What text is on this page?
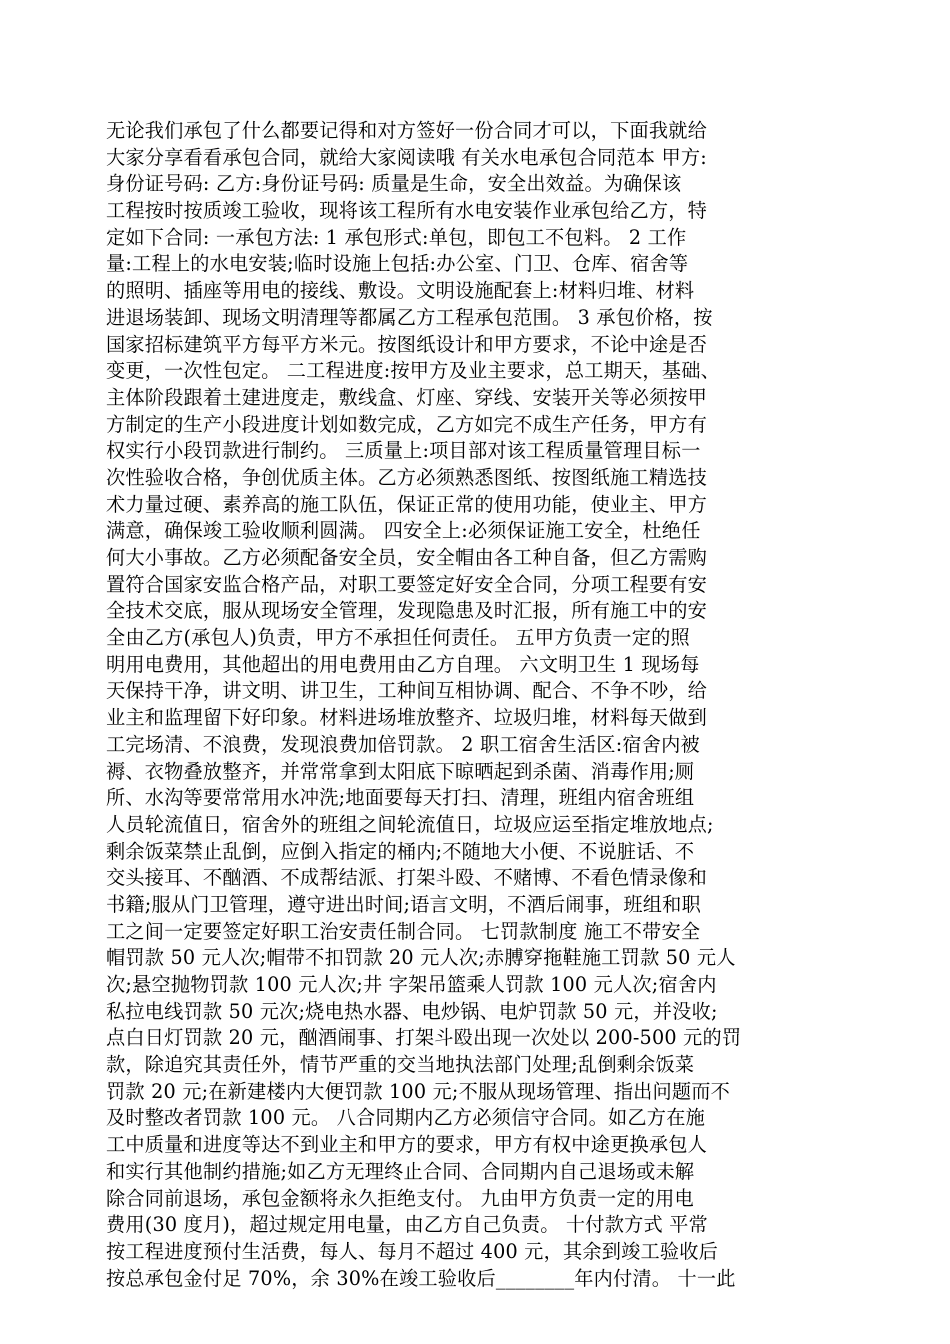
无论我们承包了什么都要记得和对方签好一份合同才可以，下面我就给
大家分享看看承包合同，就给大家阅读哦 有关水电承包合同范本 甲方:
身份证号码: 乙方:身份证号码: 质量是生命，安全出效益。为确保该
工程按时按质竣工验收，现将该工程所有水电安装作业承包给乙方，特
定如下合同: 一承包方法: 1 承包形式:单包，即包工不包料。 2 工作
量:工程上的水电安装;临时设施上包括:办公室、门卫、仓库、宿舍等
的照明、插座等用电的接线、敷设。文明设施配套上:材料归堆、材料
进退场装卸、现场文明清理等都属乙方工程承包范围。 3 承包价格，按
国家招标建筑平方每平方米元。按图纸设计和甲方要求，不论中途是否
变更，一次性包定。 二工程进度:按甲方及业主要求，总工期天，基础、
主体阶段跟着土建进度走，敷线盒、灯座、穿线、安装开关等必须按甲
方制定的生产小段进度计划如数完成，乙方如完不成生产任务，甲方有
权实行小段罚款进行制约。 三质量上:项目部对该工程质量管理目标一
次性验收合格，争创优质主体。乙方必须熟悉图纸、按图纸施工精选技
术力量过硬、素养高的施工队伍，保证正常的使用功能，使业主、甲方
满意，确保竣工验收顺利圆满。 四安全上:必须保证施工安全，杜绝任
何大小事故。乙方必须配备安全员，安全帽由各工种自备，但乙方需购
置符合国家安监合格产品，对职工要签定好安全合同，分项工程要有安
全技术交底，服从现场安全管理，发现隐患及时汇报，所有施工中的安
全由乙方(承包人)负责，甲方不承担任何责任。 五甲方负责一定的照
明用电费用，其他超出的用电费用由乙方自理。 六文明卫生 1 现场每
天保持干净，讲文明、讲卫生，工种间互相协调、配合、不争不吵，给
业主和监理留下好印象。材料进场堆放整齐、垃圾归堆，材料每天做到
工完场清、不浪费，发现浪费加倍罚款。 2 职工宿舍生活区:宿舍内被
褥、衣物叠放整齐，并常常拿到太阳底下晾晒起到杀菌、消毒作用;厕
所、水沟等要常常用水冲洗;地面要每天打扫、清理，班组内宿舍班组
人员轮流值日，宿舍外的班组之间轮流值日，垃圾应运至指定堆放地点;
剩余饭菜禁止乱倒，应倒入指定的桶内;不随地大小便、不说脏话、不
交头接耳、不酗酒、不成帮结派、打架斗殴、不赌博、不看色情录像和
书籍;服从门卫管理，遵守进出时间;语言文明，不酒后闹事，班组和职
工之间一定要签定好职工治安责任制合同。 七罚款制度 施工不带安全
帽罚款 50 元人次;帽带不扣罚款 20 元人次;赤膊穿拖鞋施工罚款 50 元人
次;悬空抛物罚款 100 元人次;井 字架吊篮乘人罚款 100 元人次;宿舍内
私拉电线罚款 50 元次;烧电热水器、电炒锅、电炉罚款 50 元，并没收;
点白日灯罚款 20 元，酗酒闹事、打架斗殴出现一次处以 200-500 元的罚
款，除追究其责任外，情节严重的交当地执法部门处理;乱倒剩余饭菜
罚款 20 元;在新建楼内大便罚款 100 元;不服从现场管理、指出问题而不
及时整改者罚款 100 元。 八合同期内乙方必须信守合同。如乙方在施
工中质量和进度等达不到业主和甲方的要求，甲方有权中途更换承包人
和实行其他制约措施;如乙方无理终止合同、合同期内自己退场或未解
除合同前退场，承包金额将永久拒绝支付。 九由甲方负责一定的用电
费用(30 度月)，超过规定用电量，由乙方自己负责。 十付款方式 平常
按工程进度预付生活费，每人、每月不超过 400 元，其余到竣工验收后
按总承包金付足 70%，余 30%在竣工验收后________年内付清。 十一此
